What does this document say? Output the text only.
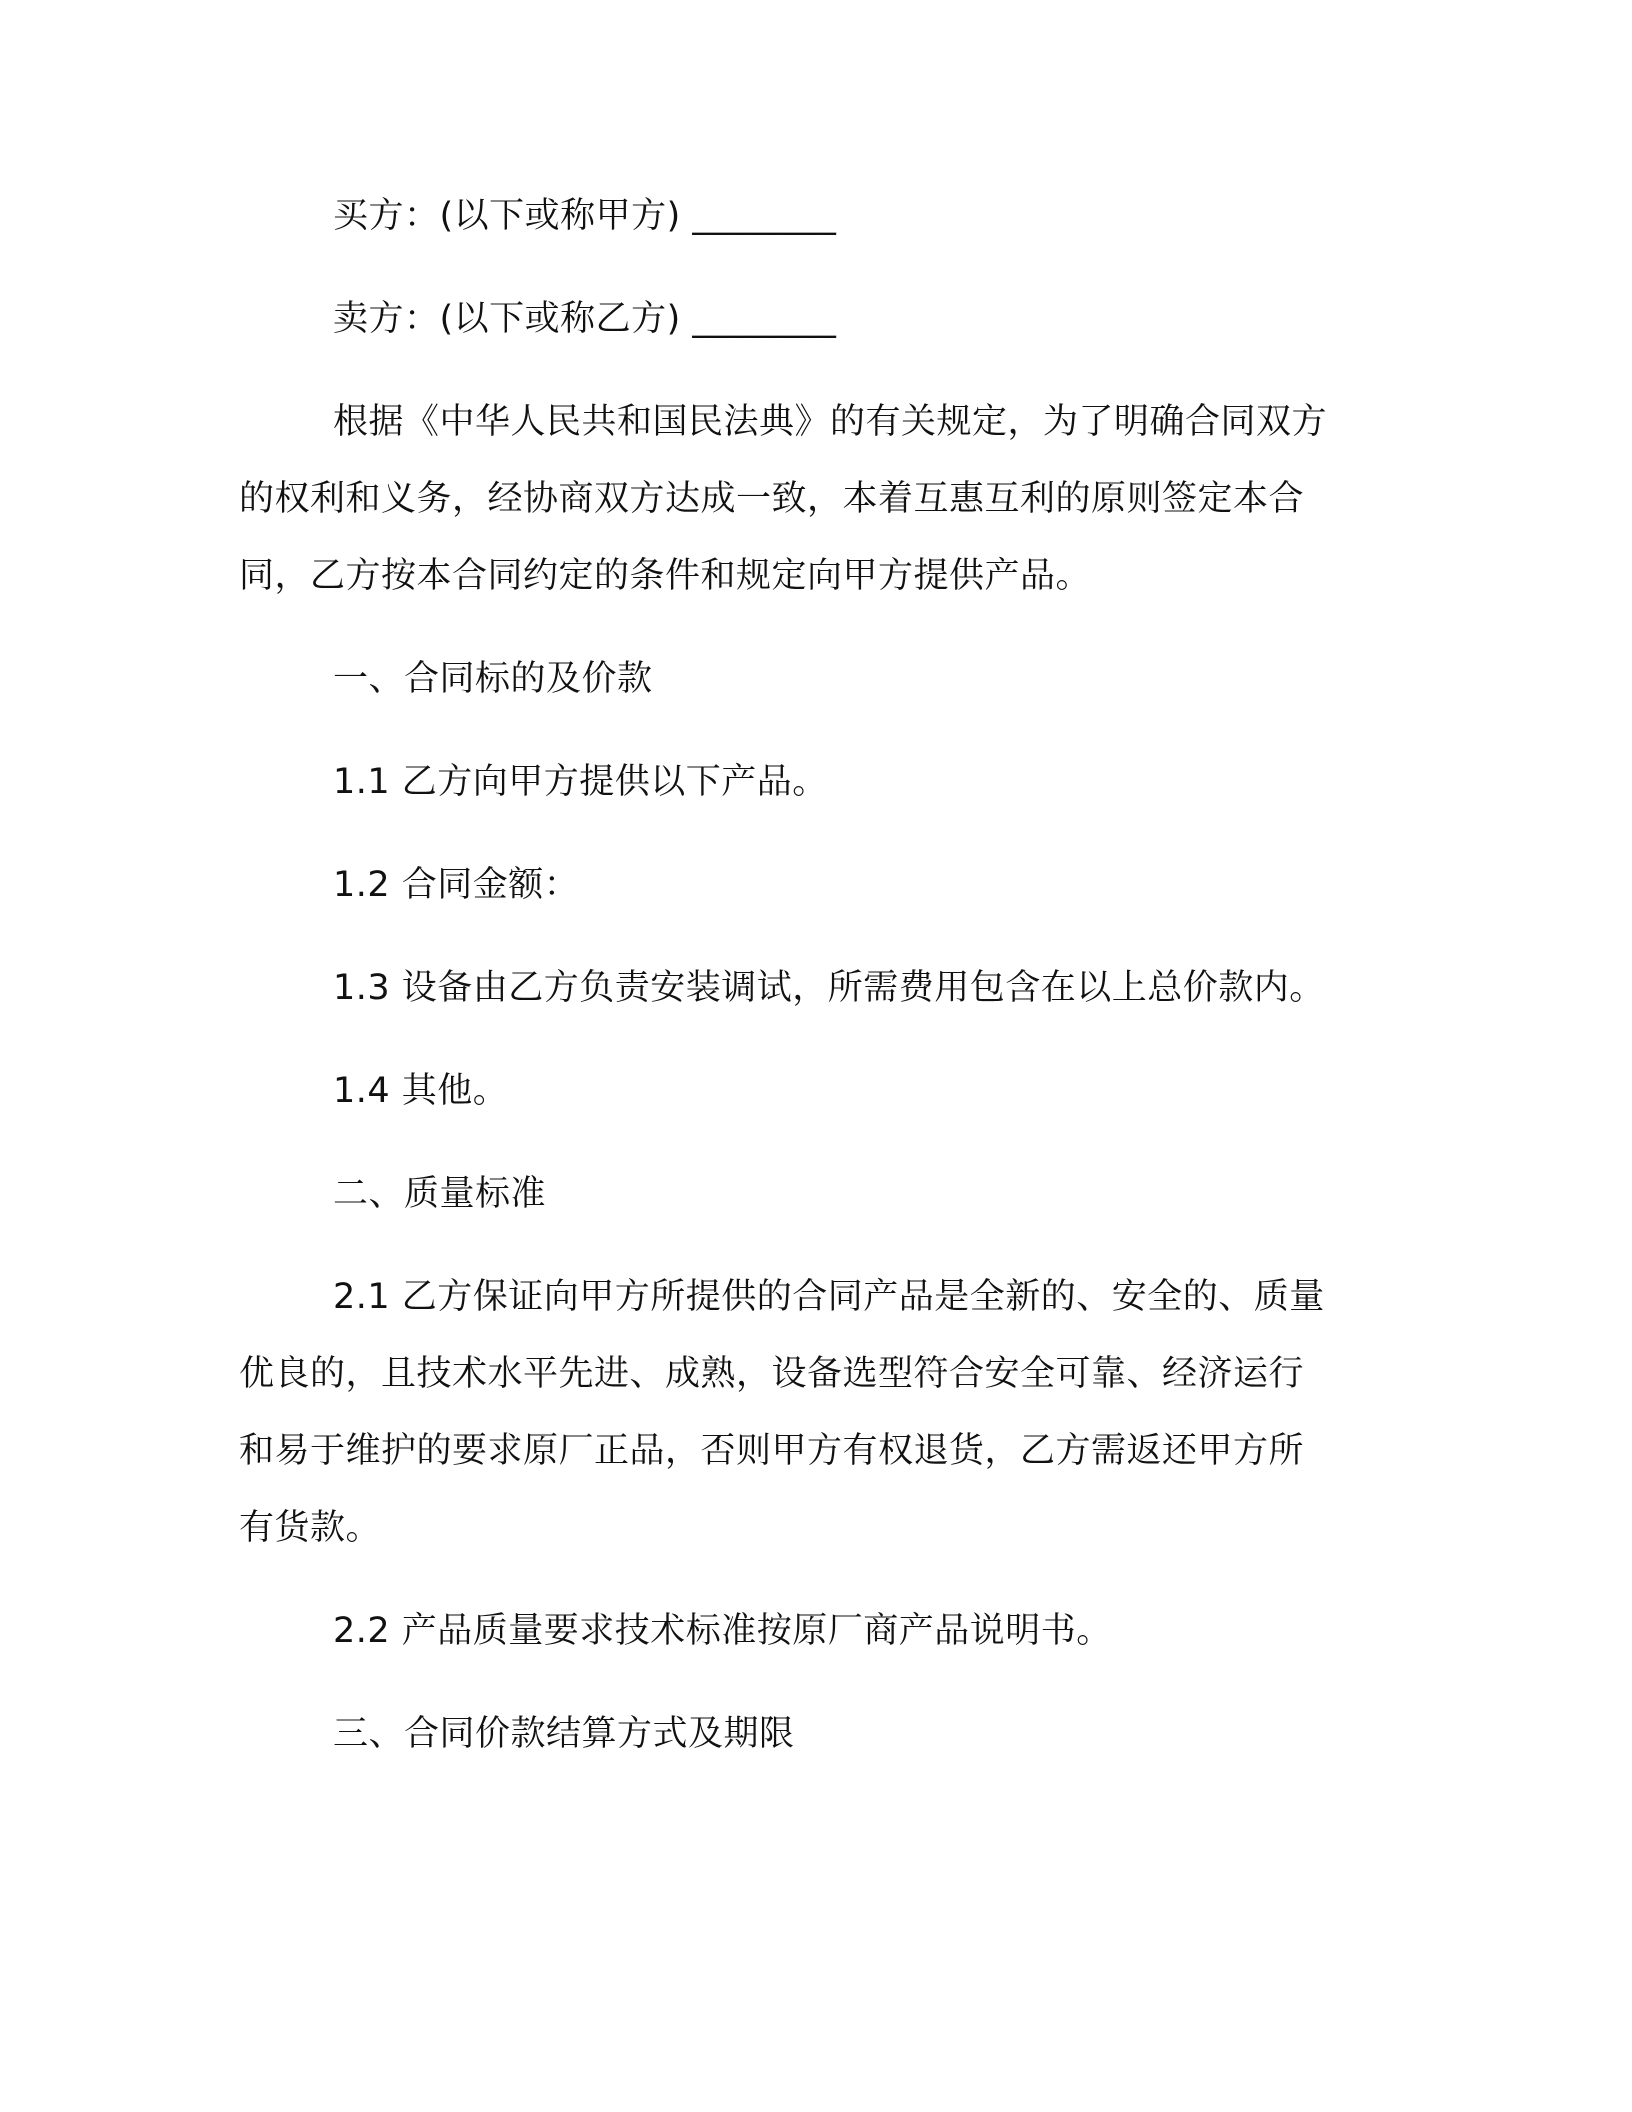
买方：(以下或称甲方) ________
卖方：(以下或称乙方) ________
根据《中华人民共和国民法典》的有关规定，为了明确合同双方
的权利和义务，经协商双方达成一致，本着互惠互利的原则签定本合
同，乙方按本合同约定的条件和规定向甲方提供产品。
一、合同标的及价款
1.1 乙方向甲方提供以下产品。
1.2 合同金额：
1.3 设备由乙方负责安装调试，所需费用包含在以上总价款内。
1.4 其他。
二、质量标准
2.1 乙方保证向甲方所提供的合同产品是全新的、安全的、质量
优良的，且技术水平先进、成熟，设备选型符合安全可靠、经济运行
和易于维护的要求原厂正品，否则甲方有权退货，乙方需返还甲方所
有货款。
2.2 产品质量要求技术标准按原厂商产品说明书。
三、合同价款结算方式及期限
